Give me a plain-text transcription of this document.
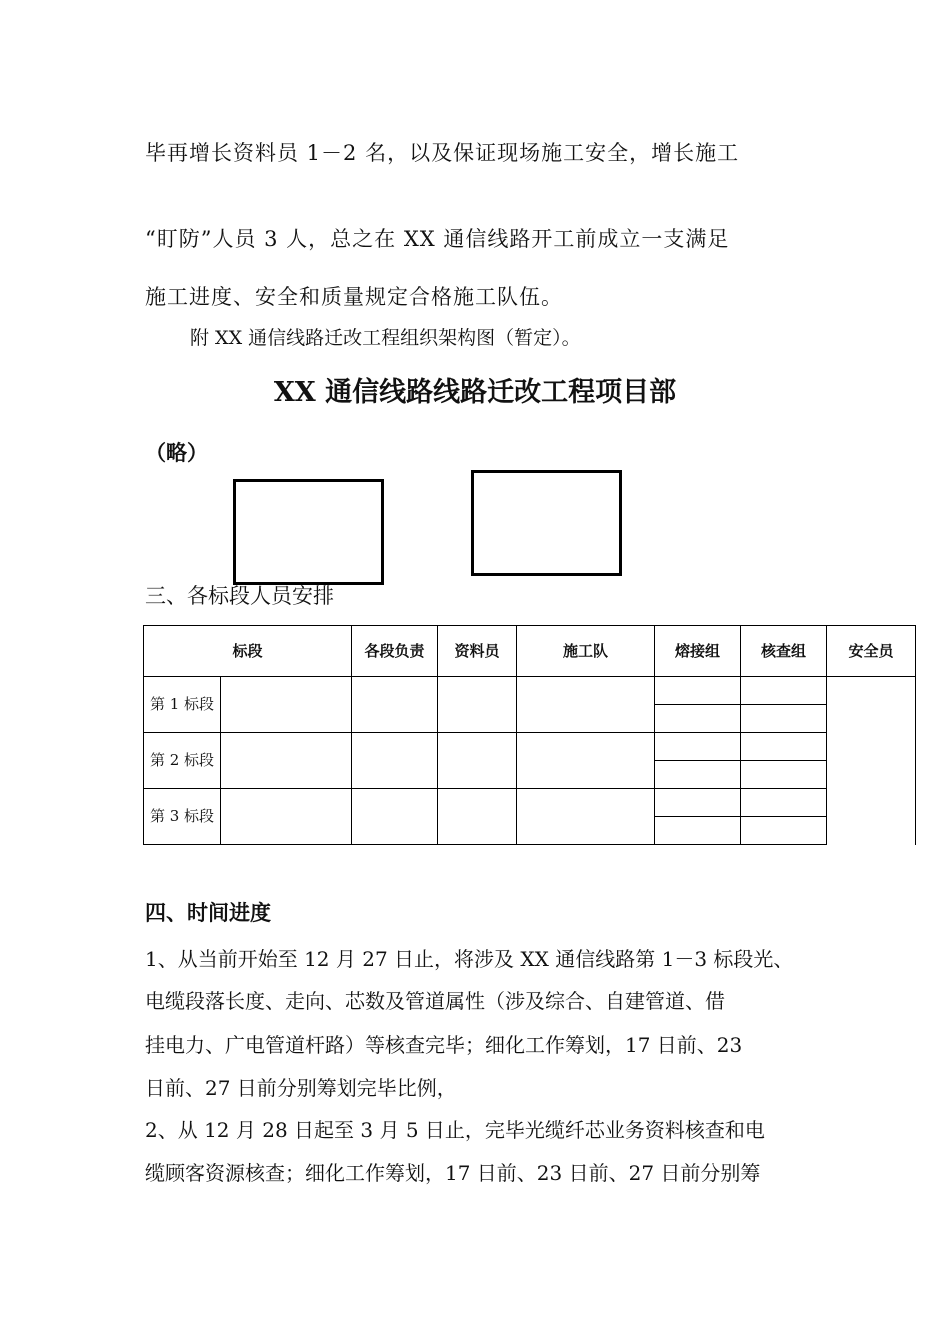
毕再增长资料员 1－2 名，以及保证现场施工安全，增长施工
“盯防”人员 3 人，总之在 XX 通信线路开工前成立一支满足
施工进度、安全和质量规定合格施工队伍。
附 XX 通信线路迁改工程组织架构图（暂定）。
XX 通信线路线路迁改工程项目部
（略）
三、各标段人员安排
标段		各段负责	资料员	施工队	熔接组	核查组	安全员
第 1 标段							

第 2 标段							

第 3 标段							

四、时间进度
1、从当前开始至 12 月 27 日止，将涉及 XX 通信线路第 1－3 标段光、
电缆段落长度、走向、芯数及管道属性（涉及综合、自建管道、借
挂电力、广电管道杆路）等核查完毕；细化工作筹划，17 日前、23
日前、27 日前分别筹划完毕比例，
2、从 12 月 28 日起至 3 月 5 日止，完毕光缆纤芯业务资料核查和电
缆顾客资源核查；细化工作筹划，17 日前、23 日前、27 日前分别筹
